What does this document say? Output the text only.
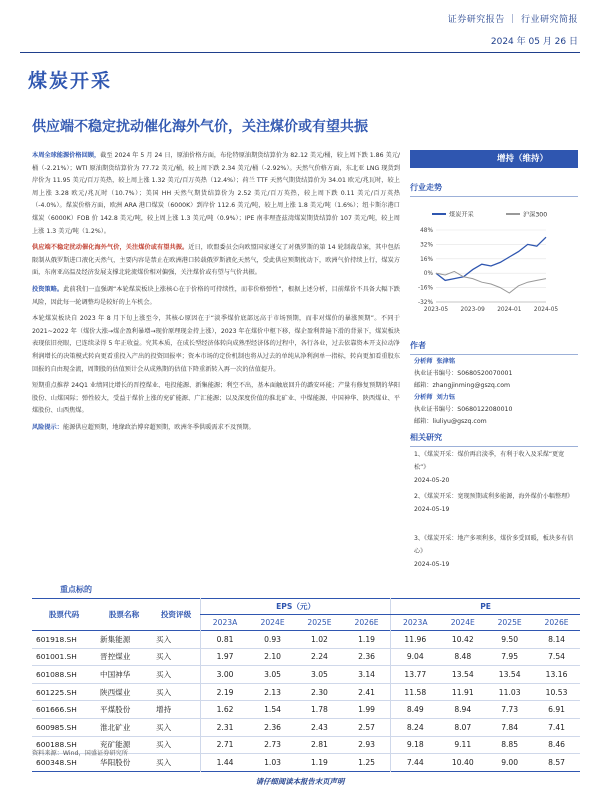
证券研究报告 ｜ 行业研究简报
2024 年 05 月 26 日
煤炭开采
供应端不稳定扰动催化海外气价，关注煤价或有望共振

本周全球能源价格回顾，截至 2024 年 5 月 24 日，原油价格方面，布伦特原油期货结算价为 82.12 美元/桶，较上周下跌 1.86 美元/桶（-2.21%）；WTI 原油期货结算价为 77.72 美元/桶，较上周下跌 2.34 美元/桶（-2.92%）。天然气价格方面，东北亚 LNG 现货到岸价为 11.95 美元/百万英热，较上周上涨 1.32 美元/百万英热（12.4%）；荷兰 TTF 天然气期货结算价为 34.01 欧元/兆瓦时，较上周上涨 3.28 欧元/兆瓦时（10.7%）；美国 HH 天然气期货结算价为 2.52 美元/百万英热，较上周下跌 0.11 美元/百万英热（-4.0%）。煤炭价格方面，欧洲 ARA 港口煤炭（6000K）到岸价 112.6 美元/吨，较上周上涨 1.8 美元/吨（1.6%）；纽卡斯尔港口煤炭（6000K）FOB 价 142.8 美元/吨，较上周上涨 1.3 美元/吨（0.9%）；IPE 南非理查兹湾煤炭期货结算价 107 美元/吨，较上周上涨 1.3 美元/吨（1.2%）。

供应端不稳定扰动催化海外气价，关注煤价或有望共振。近日，欧盟委员会向欧盟国家递交了对俄罗斯的第 14 轮制裁草案，其中包括限制从俄罗斯进口液化天然气，主要内容是禁止在欧洲港口转载俄罗斯液化天然气，受此供应预期扰动下，欧洲气价持续上行，煤炭方面，东南亚高温及经济发展支撑北轮流煤价相对偏强，关注煤价或有望与气价共振。

投资策略。此前我们一直强调“本轮煤炭板块上涨核心在于价格的可持续性，而非价格弹性”，根据上述分析，目前煤价不具备大幅下跌风险，因此每一轮调整均是较好的上车机会。

本轮煤炭板块自 2023 年 8 月下旬上涨至今，其核心原因在于“淡季煤价底部远高于市场预期，而非对煤价的暴涨预期”。不同于 2021~2022 年（煤价大涨→煤企盈利暴增→现价原理现金持上涨），2023 年在煤价中枢下移，煤企盈利普遍下滑的背景下，煤炭板块表现依旧亮眼，已连续录得 5 年正收益。究其本质，在成长型经济体转向成熟型经济体的过程中，各行各业，过去依靠资本开支拉动净利润增长的决策模式转向更看重投入产出的投资回报率；资本市场的定价机制也将从过去的单纯从净利润单一指标，转向更加看重股东回报的自由现金流，周期股的估值预计会从成熟期的估值下降重新转入再一次的估值提升。

短期重点推荐 24Q1 业绩同比增长的晋控煤业、电投能源、新集能源；利空不出，基本面触底回升的潞安环能；产量有修复预期的华阳股份、山煤国际；弹性较大，受益于煤价上涨的兖矿能源、广汇能源；以及深度价值的淮北矿业、中煤能源、中国神华、陕西煤业、平煤股份、山西焦煤。

风险提示：能源供应超预期，地缘政治博弈超预期，欧洲冬季供暖需求不及预期。

增持（维持）
行业走势
煤炭开采	沪深300
48%
32%
16%
0%
-16%
-32%
2023-05 2023-09 2024-01 2024-05
作者
分析师 张津铭
执业证书编号：S0680520070001
邮箱：zhangjinming@gszq.com
分析师 刘力钰
执业证书编号：S0680122080010
邮箱：liuliyu@gszq.com
相关研究
1、《煤炭开采：煤价再启淡季，有利于收入及采煤“更宽松”》
2024-05-20
2、《煤炭开采：宽现预期或利多能源，海外煤价小幅整理》
2024-05-19
3、《煤炭开采：地产多项利多，煤价多受回暖，板块多有信心》
2024-05-19
重点标的
股票代码	股票名称	投资评级	EPS（元）				PE			
			2023A	2024E	2025E	2026E	2023A	2024E	2025E	2026E
601918.SH	新集能源	买入	0.81	0.93	1.02	1.19	11.96	10.42	9.50	8.14
601001.SH	晋控煤业	买入	1.97	2.10	2.24	2.36	9.04	8.48	7.95	7.54
601088.SH	中国神华	买入	3.00	3.05	3.05	3.14	13.77	13.54	13.54	13.16
601225.SH	陕西煤业	买入	2.19	2.13	2.30	2.41	11.58	11.91	11.03	10.53
601666.SH	平煤股份	增持	1.62	1.54	1.78	1.99	8.49	8.94	7.73	6.91
600985.SH	淮北矿业	买入	2.31	2.36	2.43	2.57	8.24	8.07	7.84	7.41
600188.SH	兖矿能源	买入	2.71	2.73	2.81	2.93	9.18	9.11	8.85	8.46
600348.SH	华阳股份	买入	1.44	1.03	1.19	1.25	7.44	10.40	9.00	8.57
资料来源：Wind，国盛证券研究所
请仔细阅读本报告末页声明
